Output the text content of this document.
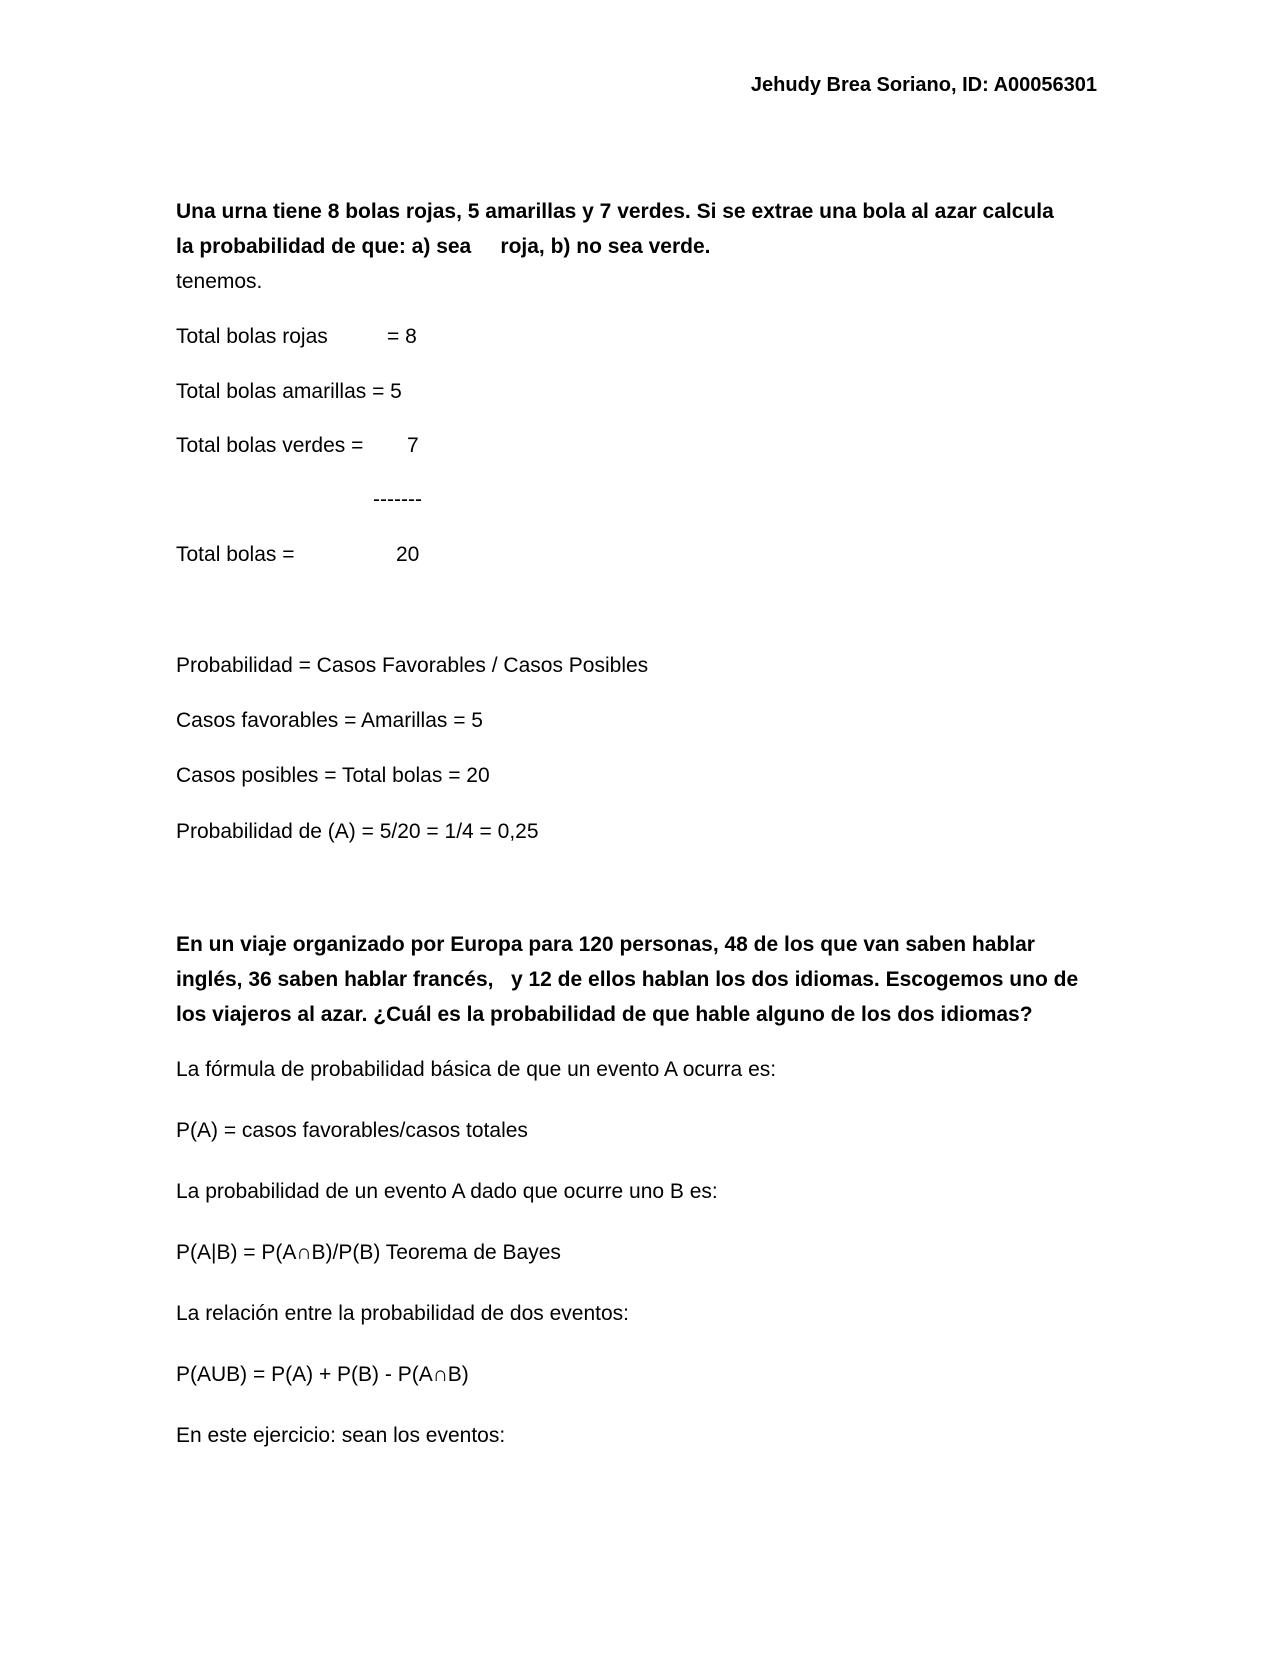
Jehudy Brea Soriano, ID: A00056301
Una urna tiene 8 bolas rojas, 5 amarillas y 7 verdes. Si se extrae una bola al azar calcula
la probabilidad de que: a) sea     roja, b) no sea verde.
tenemos.
Total bolas rojas	= 8
Total bolas amarillas = 5
Total bolas verdes = 7
-------
Total bolas =	20
Probabilidad = Casos Favorables / Casos Posibles
Casos favorables = Amarillas = 5
Casos posibles = Total bolas = 20
Probabilidad de (A) = 5/20 = 1/4 = 0,25
En un viaje organizado por Europa para 120 personas, 48 de los que van saben hablar
inglés, 36 saben hablar francés,   y 12 de ellos hablan los dos idiomas. Escogemos uno de
los viajeros al azar. ¿Cuál es la probabilidad de que hable alguno de los dos idiomas?
La fórmula de probabilidad básica de que un evento A ocurra es:
P(A) = casos favorables/casos totales
La probabilidad de un evento A dado que ocurre uno B es:
P(A|B) = P(A∩B)/P(B) Teorema de Bayes
La relación entre la probabilidad de dos eventos:
P(AUB) = P(A) + P(B) - P(A∩B)
En este ejercicio: sean los eventos:
